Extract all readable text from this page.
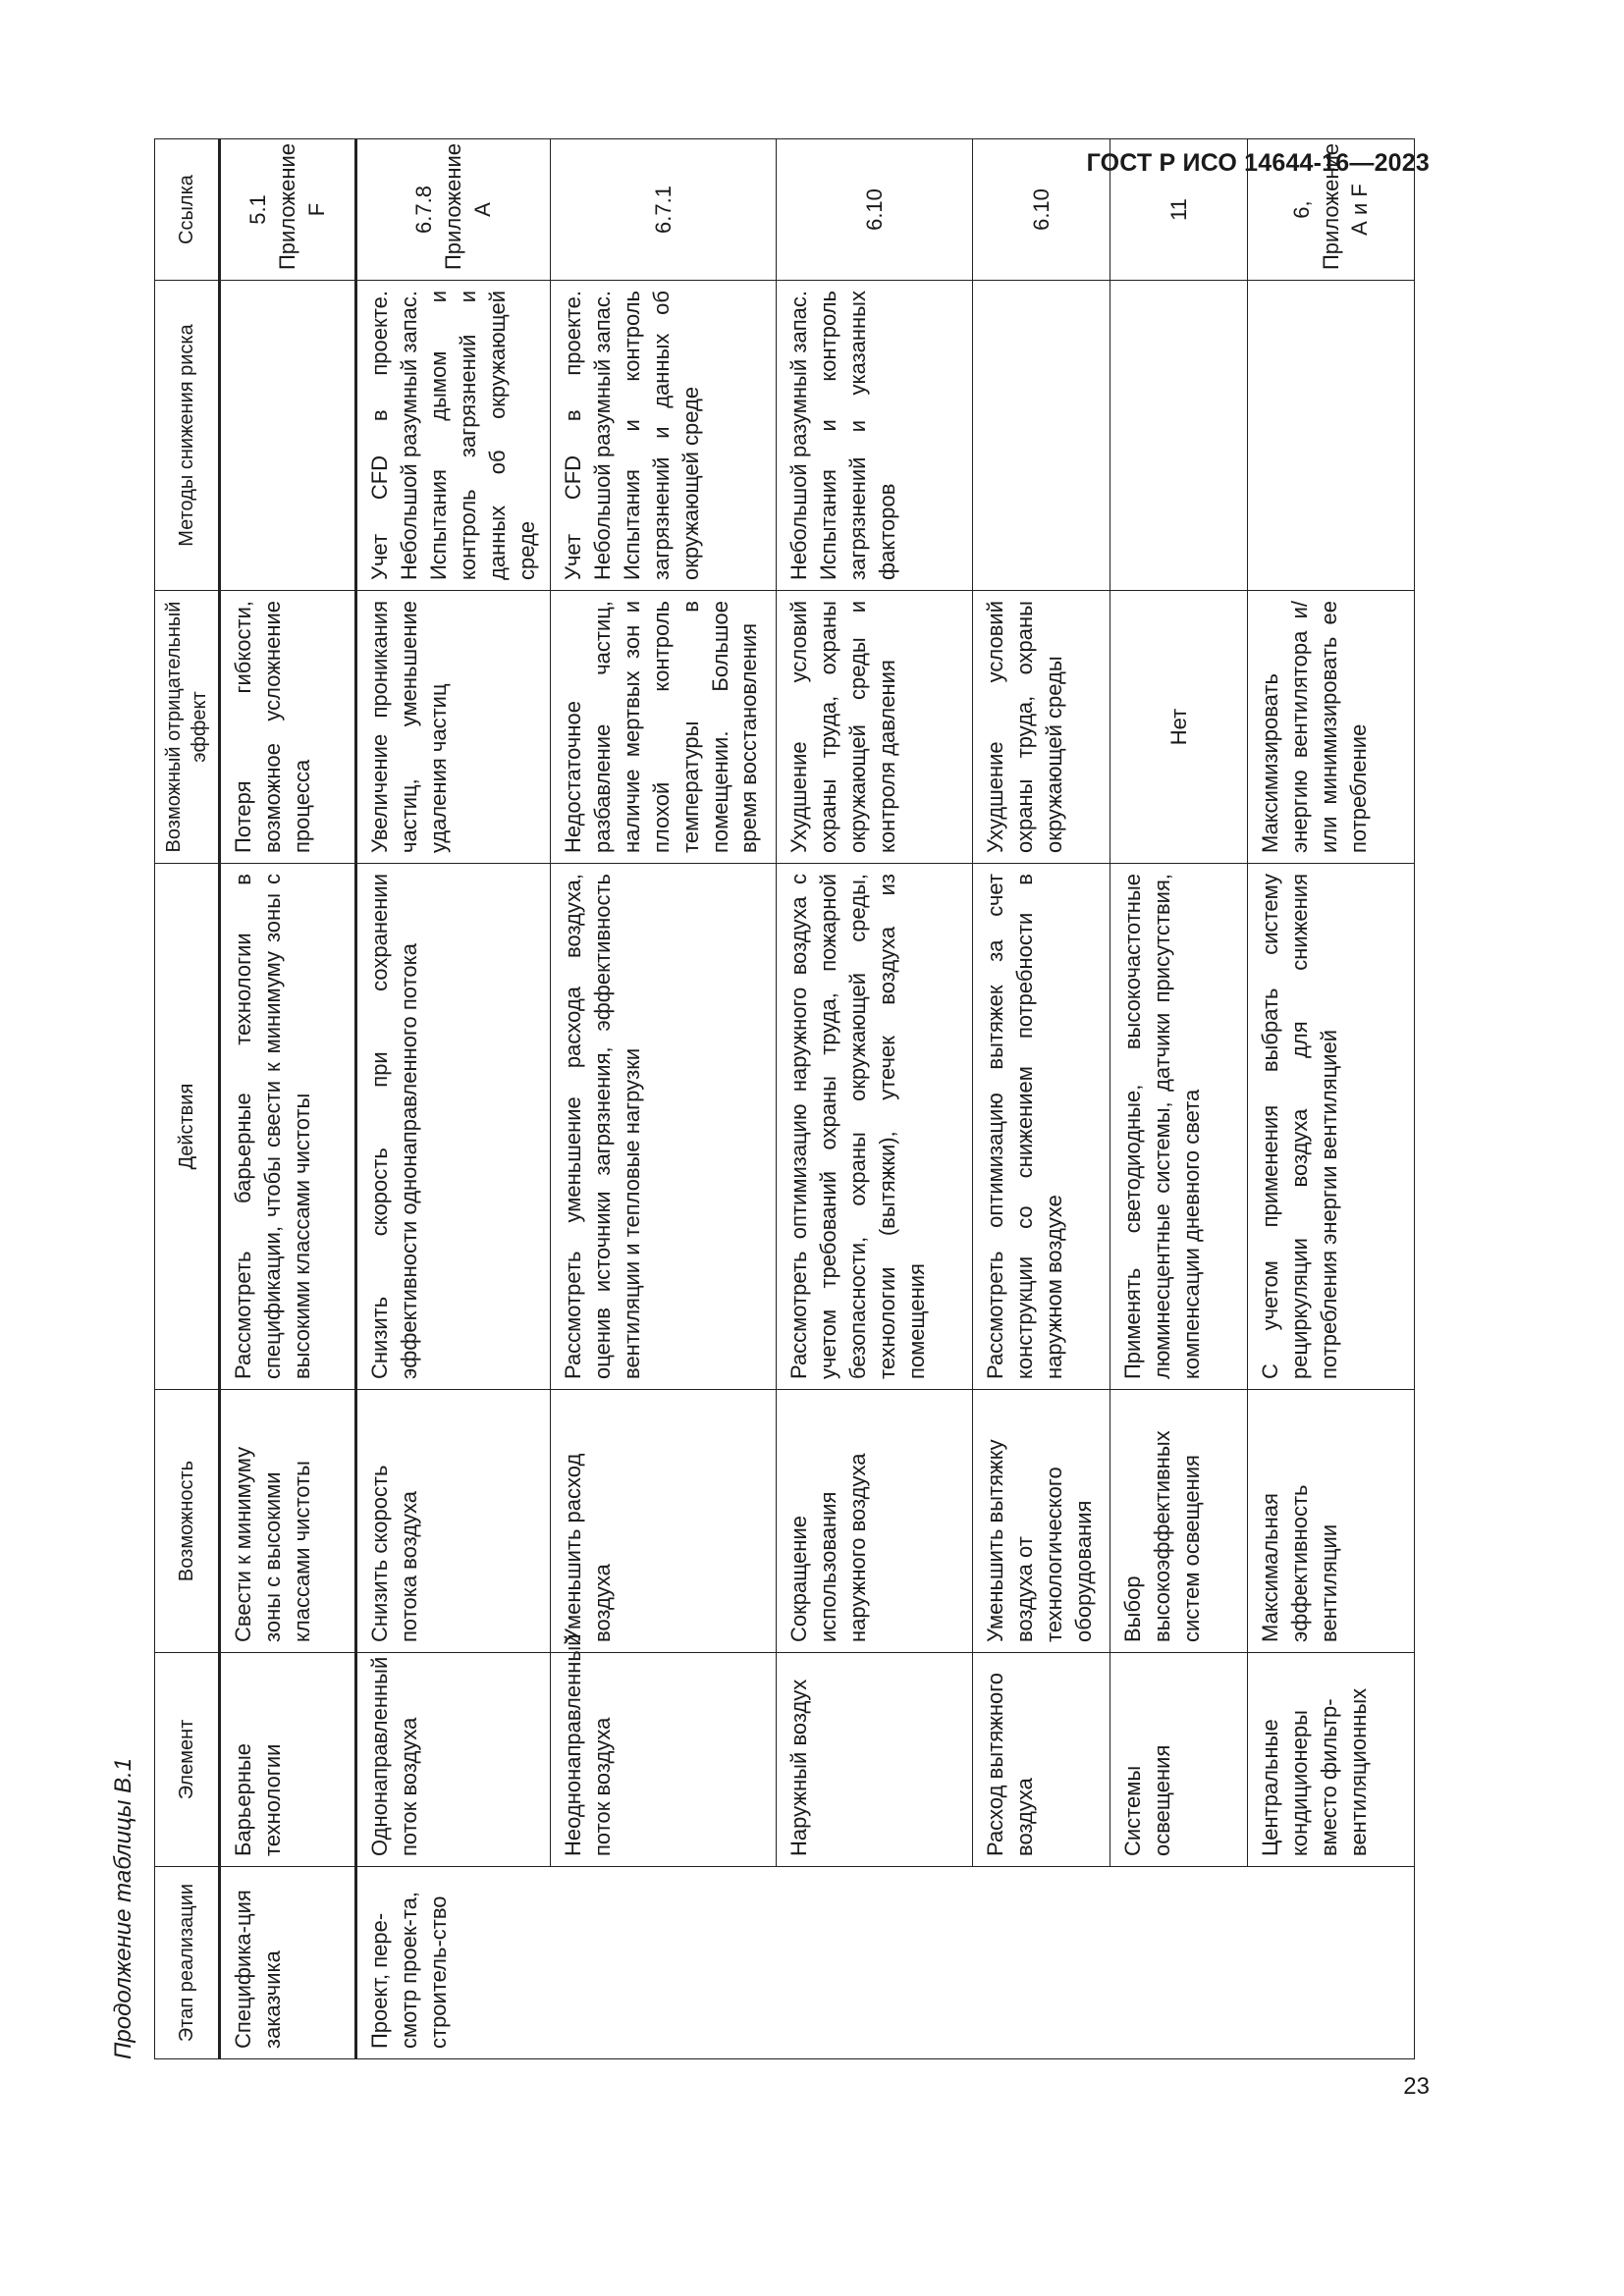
ГОСТ Р ИСО 14644-16—2023
Продолжение таблицы В.1 Этап реализации	Элемент	Возможность	Действия	Возможный отрицательный эффект	Методы снижения риска	Ссылка
Специфика-ция заказчика	Барьерные технологии	Свести к минимуму зоны с высокими классами чистоты	Рассмотреть барьерные технологии в спецификации, чтобы свести к минимуму зоны с высокими классами чистоты	Потеря гибкости, возможное усложнение процесса		5.1 Приложение F
Проект, пере-смотр проек-та, строитель-ство	Однонаправленный поток воздуха	Снизить скорость потока воздуха	Снизить скорость при сохранении эффективности однонаправленного потока	Увеличение проникания частиц, уменьшение удаления частиц	Учет CFD в проекте. Небольшой разумный запас. Испытания дымом и контроль загрязнений и данных об окружающей среде	6.7.8 Приложение А
	Неоднонаправленный поток воздуха	Уменьшить расход воздуха	Рассмотреть уменьшение расхода воздуха, оценив источники загрязнения, эффективность вентиляции и тепловые нагрузки	Недостаточное разбавление частиц, наличие мертвых зон и плохой контроль температуры в помещении. Большое время восстановления	Учет CFD в проекте. Небольшой разумный запас. Испытания и контроль загрязнений и данных об окружающей среде	6.7.1
	Наружный воздух	Сокращение использования наружного воздуха	Рассмотреть оптимизацию наружного воздуха с учетом требований охраны труда, пожарной безопасности, охраны окружающей среды, технологии (вытяжки), утечек воздуха из помещения	Ухудшение условий охраны труда, охраны окружающей среды и контроля давления	Небольшой разумный запас. Испытания и контроль загрязнений и указанных факторов	6.10
	Расход вытяжного воздуха	Уменьшить вытяжку воздуха от технологического оборудования	Рассмотреть оптимизацию вытяжек за счет конструкции со снижением потребности в наружном воздухе	Ухудшение условий охраны труда, охраны окружающей среды		6.10
	Системы освещения	Выбор высокоэффективных систем освещения	Применять светодиодные, высокочастотные люминесцентные системы, датчики присутствия, компенсации дневного света	Нет		11
	Центральные кондиционеры вместо фильтр-вентиляционных	Максимальная эффективность вентиляции	С учетом применения выбрать систему рециркуляции воздуха для снижения потребления энергии вентиляцией	Максимизировать энергию вентилятора и/или минимизировать ее потребление		6, Приложение А и F
23
